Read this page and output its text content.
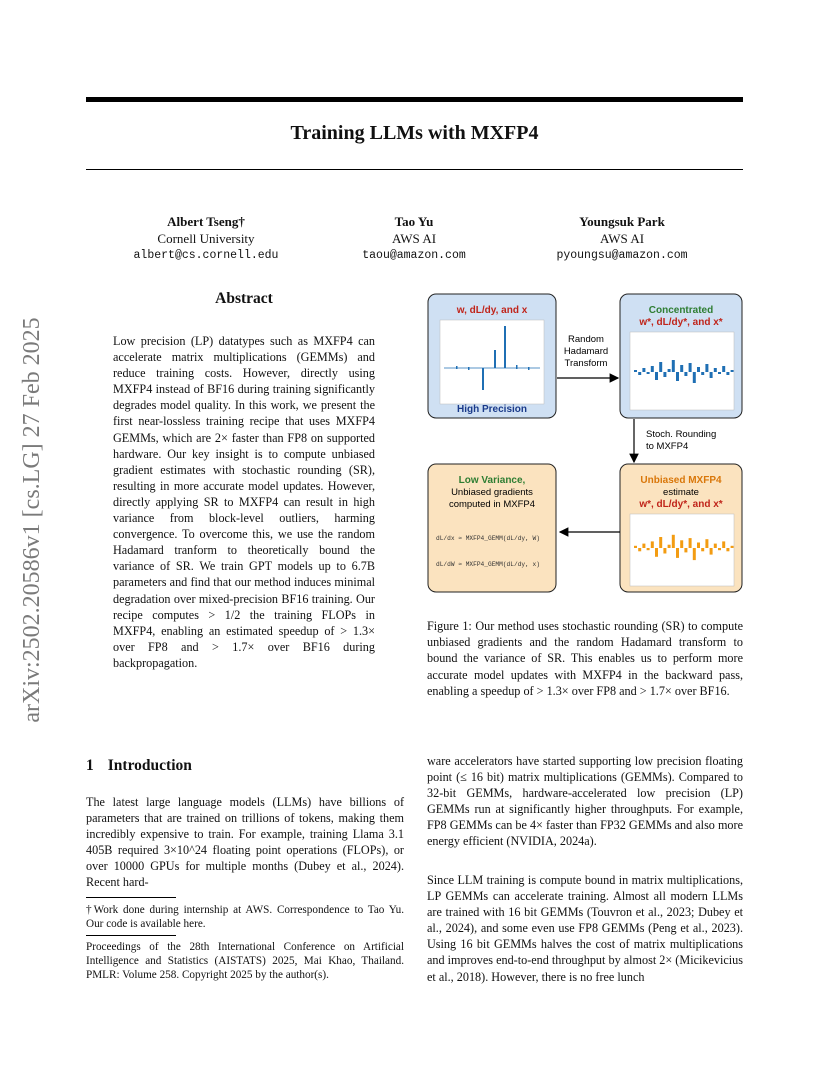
arXiv:2502.20586v1 [cs.LG] 27 Feb 2025
Training LLMs with MXFP4
Albert Tseng†
Cornell University
albert@cs.cornell.edu
Tao Yu
AWS AI
taou@amazon.com
Youngsuk Park
AWS AI
pyoungsu@amazon.com
Abstract
Low precision (LP) datatypes such as MXFP4 can accelerate matrix multiplications (GEMMs) and reduce training costs. However, directly using MXFP4 instead of BF16 during training significantly degrades model quality. In this work, we present the first near-lossless training recipe that uses MXFP4 GEMMs, which are 2× faster than FP8 on supported hardware. Our key insight is to compute unbiased gradient estimates with stochastic rounding (SR), resulting in more accurate model updates. However, directly applying SR to MXFP4 can result in high variance from block-level outliers, harming convergence. To overcome this, we use the random Hadamard tranform to theoretically bound the variance of SR. We train GPT models up to 6.7B parameters and find that our method induces minimal degradation over mixed-precision BF16 training. Our recipe computes > 1/2 the training FLOPs in MXFP4, enabling an estimated speedup of > 1.3× over FP8 and > 1.7× over BF16 during backpropagation.
1 Introduction
The latest large language models (LLMs) have billions of parameters that are trained on trillions of tokens, making them incredibly expensive to train. For example, training Llama 3.1 405B required 3×10^24 floating point operations (FLOPs), or over 10000 GPUs for multiple months (Dubey et al., 2024). Recent hard-
†Work done during internship at AWS. Correspondence to Tao Yu. Our code is available here.
Proceedings of the 28th International Conference on Artificial Intelligence and Statistics (AISTATS) 2025, Mai Khao, Thailand. PMLR: Volume 258. Copyright 2025 by the author(s).
ware accelerators have started supporting low precision floating point (≤ 16 bit) matrix multiplications (GEMMs). Compared to 32-bit GEMMs, hardware-accelerated low precision (LP) GEMMs run at significantly higher throughputs. For example, FP8 GEMMs can be 4× faster than FP32 GEMMs and also more energy efficient (NVIDIA, 2024a).
Since LLM training is compute bound in matrix multiplications, LP GEMMs can accelerate training. Almost all modern LLMs are trained with 16 bit GEMMs (Touvron et al., 2023; Dubey et al., 2024), and some even use FP8 GEMMs (Peng et al., 2023). Using 16 bit GEMMs halves the cost of matrix multiplications and improves end-to-end throughput by almost 2× (Micikevicius et al., 2018). However, there is no free lunch
w, dL/dy, and x
High Precision
Random
Hadamard
Transform
Concentrated
w*, dL/dy*, and x*
Stoch. Rounding
to MXFP4
Unbiased MXFP4
estimate
w*, dL/dy*, and x*
Low Variance,
Unbiased gradients
computed in MXFP4
dL/dx ≈ MXFP4_GEMM(dL/dy, W)
dL/dW ≈ MXFP4_GEMM(dL/dy, x)
Figure 1: Our method uses stochastic rounding (SR) to compute unbiased gradients and the random Hadamard transform to bound the variance of SR. This enables us to perform more accurate model updates with MXFP4 in the backward pass, enabling a speedup of > 1.3× over FP8 and > 1.7× over BF16.
